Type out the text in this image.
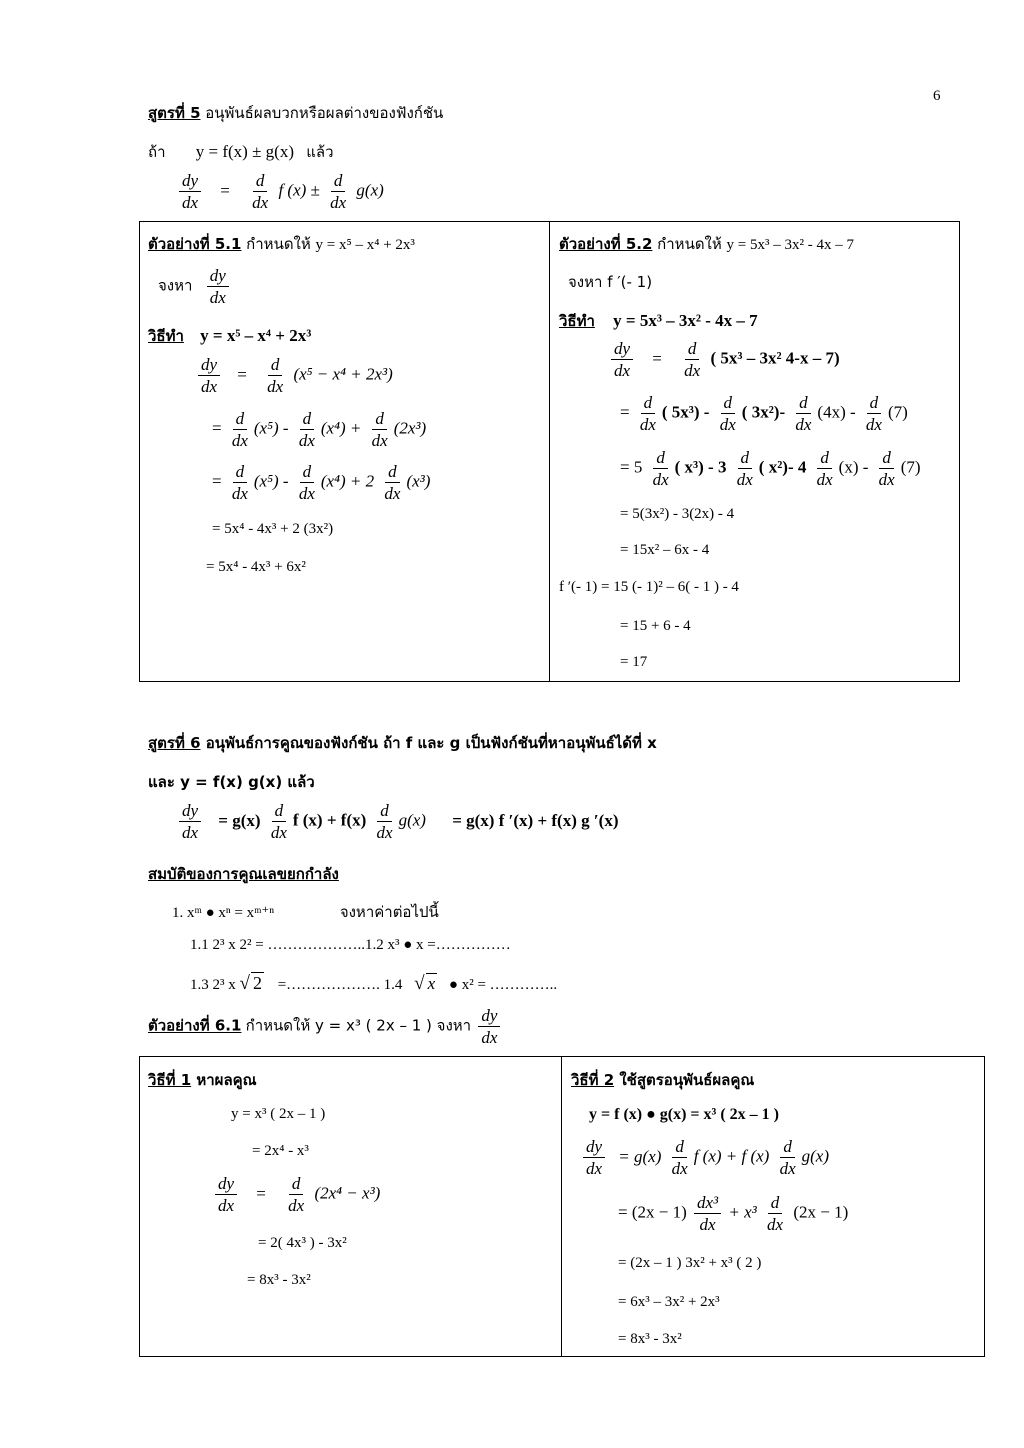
6
สูตรที่ 5 อนุพันธ์ผลบวกหรือผลต่างของฟังก์ชัน
ถ้า y = f(x) ± g(x) แล้ว
$\frac{dy}{dx} = \frac{d}{dx}$ f $(x) \pm \frac{d}{dx} g(x)$
ตัวอย่างที่ 5.1 กำหนดให้ y = x⁵ – x⁴ + 2x³
จงหา $\frac{dy}{dx}$
วิธีทำ y = x⁵ – x⁴ + 2x³
$\frac{dy}{dx} = \frac{d}{dx} (x^5 - x^4 + 2x^3)$
= $\frac{d}{dx} (x^5) - \frac{d}{dx} (x^4) + \frac{d}{dx} (2x^3)$
= $\frac{d}{dx} (x^5) - \frac{d}{dx} (x^4) + 2 \frac{d}{dx} (x^3)$
= 5x⁴ - 4x³ + 2 (3x²)
= 5x⁴ - 4x³ + 6x²
ตัวอย่างที่ 5.2 กำหนดให้ y = 5x³ – 3x² - 4x – 7
จงหา f ′(- 1)
วิธีทำ y = 5x³ – 3x² - 4x – 7
$\frac{dy}{dx} = \frac{d}{dx}$ ( 5x³ – 3x² 4-x – 7)
= $\frac{d}{dx}$ ( $5x^3) - \frac{d}{dx}$ ( $3x^2)- \frac{d}{dx} (4x) - \frac{d}{dx} (7)$
= $5 \frac{d}{dx}$ ( $x^3) - 3 \frac{d}{dx}$ ( x²)- $4 \frac{d}{dx} (x) - \frac{d}{dx} (7)$
= 5(3x²) - 3(2x) - 4
= 15x² – 6x - 4
f ′(- 1) = 15 (- 1)² – 6( - 1 ) - 4
= 15 + 6 - 4
= 17
สูตรที่ 6 อนุพันธ์การคูณของฟังก์ชัน ถ้า f และ g เป็นฟังก์ชันที่หาอนุพันธ์ได้ที่ x
และ y = f(x) g(x) แล้ว
$\frac{dy}{dx} = g(x) \frac{d}{dx}$ f $(x) + f(x) \frac{d}{dx} g(x) = g(x)$ f ′(x) + f(x) g ′(x)
สมบัติของการคูณเลขยกกำลัง
1. xᵐ ● xⁿ = xᵐ⁺ⁿ	จงหาค่าต่อไปนี้
1.1 2³ x 2² = ………………..1.2 x³ ● x =……………
1.3 2³ x √ 2 =………………. 1.4 √ x ● x² = …………..
ตัวอย่างที่ 6.1 กำหนดให้ y = x³ ( 2x – 1 ) จงหา $\frac{dy}{dx}$
วิธีที่ 1 หาผลคูณ
y = x³ ( 2x – 1 )
= 2x⁴ - x³
$\frac{dy}{dx} = \frac{d}{dx} (2x^4 - x^3)$
= 2( 4x³ ) - 3x²
= 8x³ - 3x²
วิธีที่ 2 ใช้สูตรอนุพันธ์ผลคูณ
y = f (x) ● g(x) = x³ ( 2x – 1 )
$\frac{dy}{dx} = g(x) \frac{d}{dx}$ f (x) + f $(x) \frac{d}{dx} g(x)$
= $(2x - 1) \frac{\text{dx³}}{dx} + x^3 \frac{d}{dx} (2x - 1)$
= (2x – 1 ) 3x² + x³ ( 2 )
= 6x³ – 3x² + 2x³
= 8x³ - 3x²
